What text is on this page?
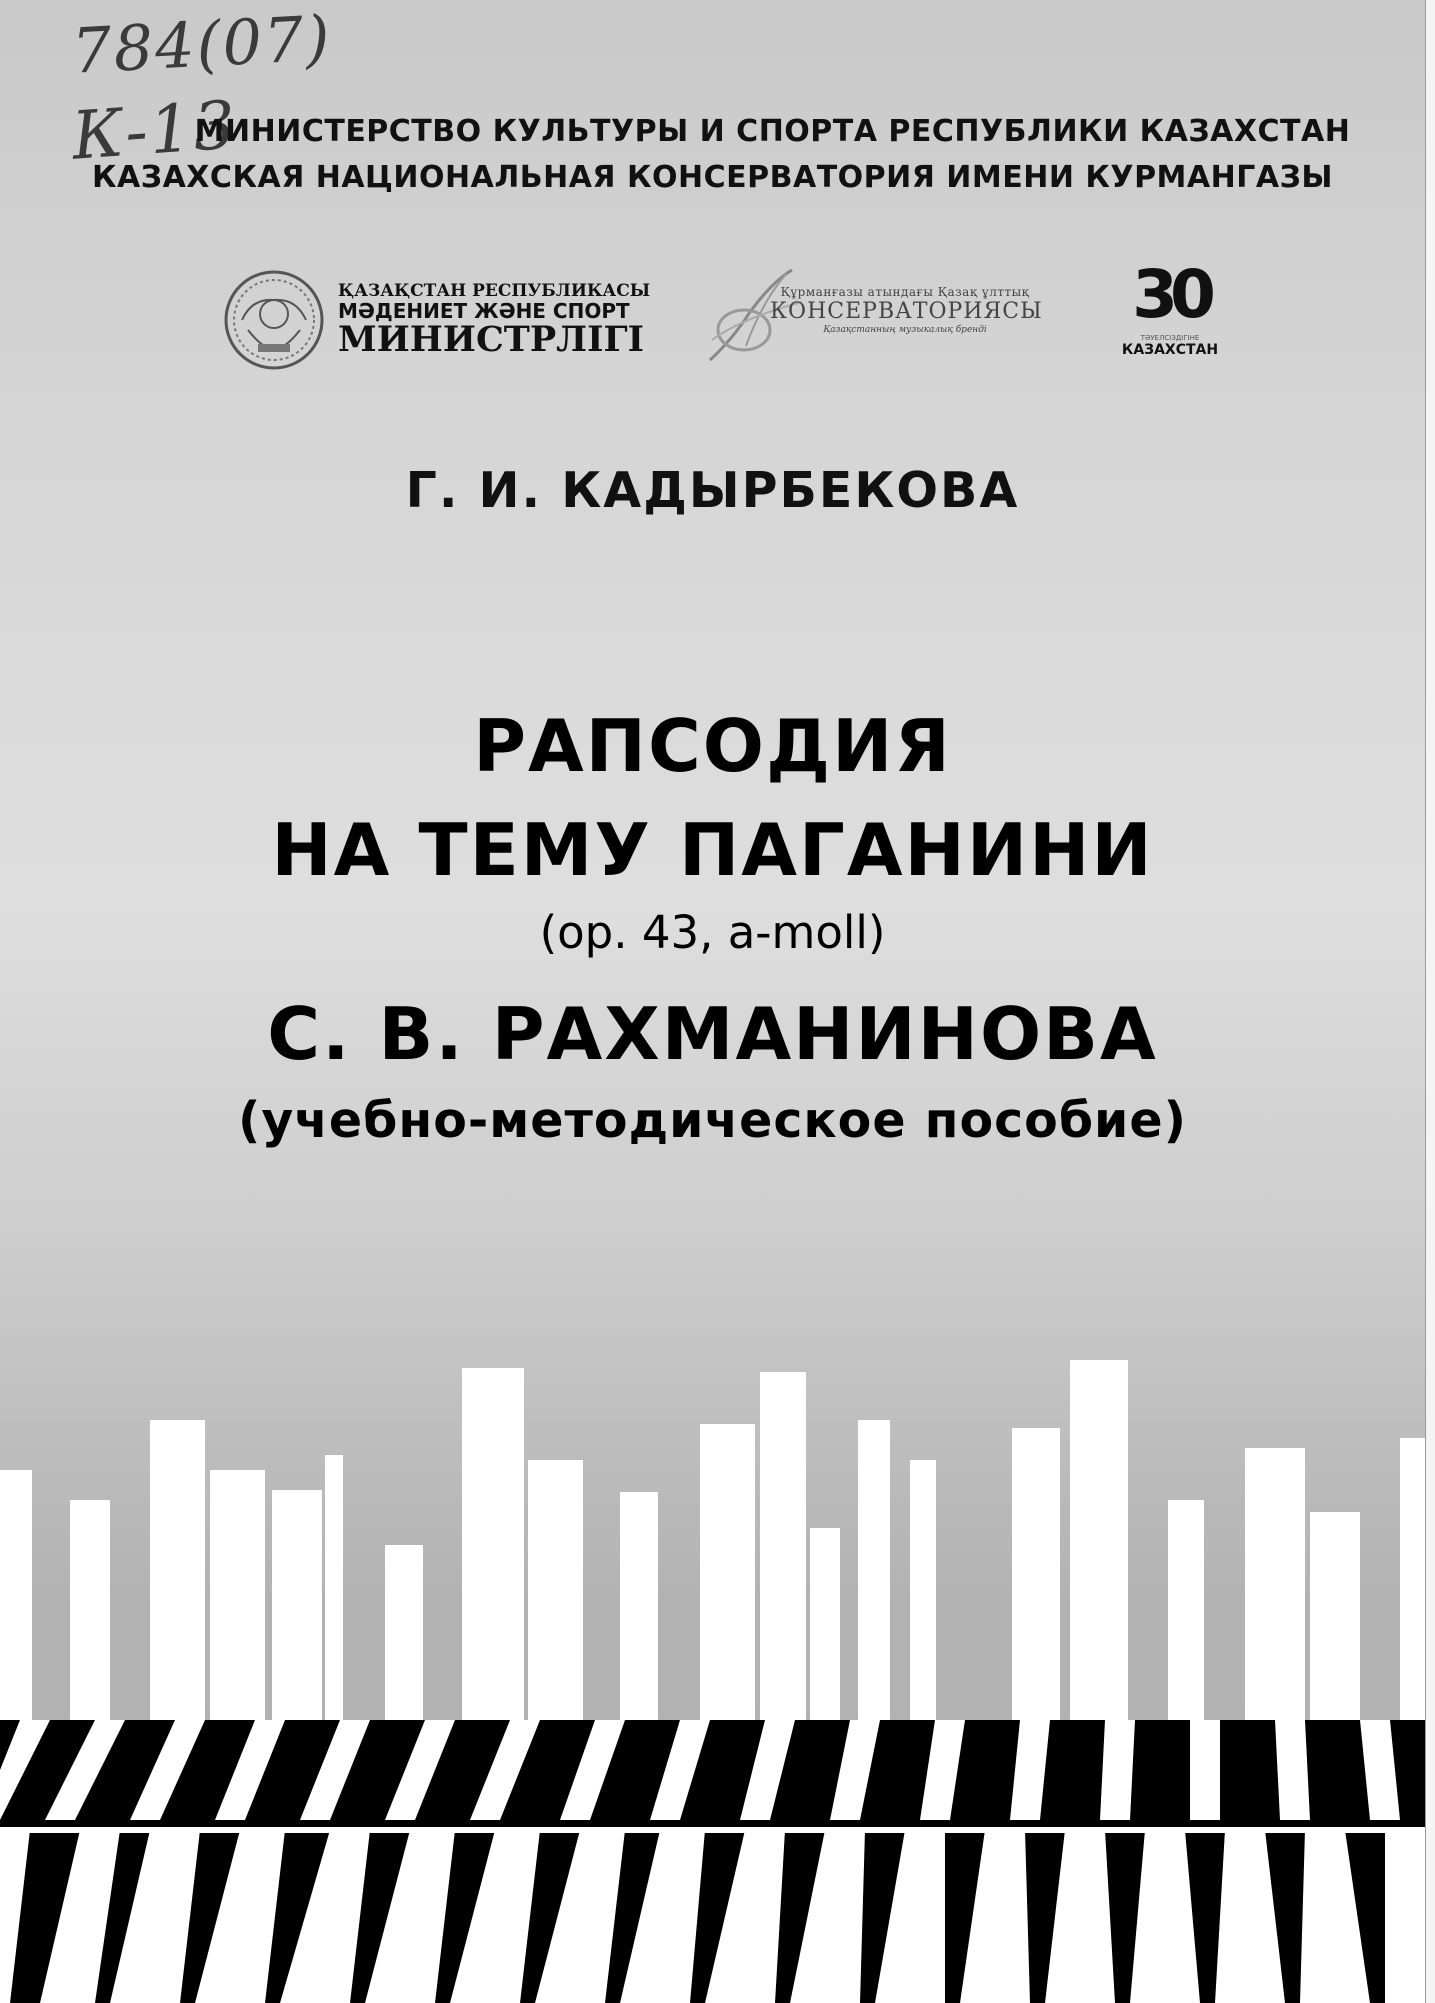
784(07)
К-13
МИНИСТЕРСТВО КУЛЬТУРЫ И СПОРТА РЕСПУБЛИКИ КАЗАХСТАН
КАЗАХСКАЯ НАЦИОНАЛЬНАЯ КОНСЕРВАТОРИЯ ИМЕНИ КУРМАНГАЗЫ
ҚАЗАҚСТАН РЕСПУБЛИКАСЫ
МӘДЕНИЕТ ЖӘНЕ СПОРТ
МИНИСТРЛІГІ
Құрманғазы атындағы Қазақ ұлттық
КОНСЕРВАТОРИЯСЫ
Қазақстанның музыкалық бренді	30
ТӘУЕЛСІЗДІГІНЕ
КАЗАХСТАН
Г. И. КАДЫРБЕКОВА
РАПСОДИЯ
НА ТЕМУ ПАГАНИНИ
(op. 43, a-moll)
С. В. РАХМАНИНОВА
(учебно-методическое пособие)
